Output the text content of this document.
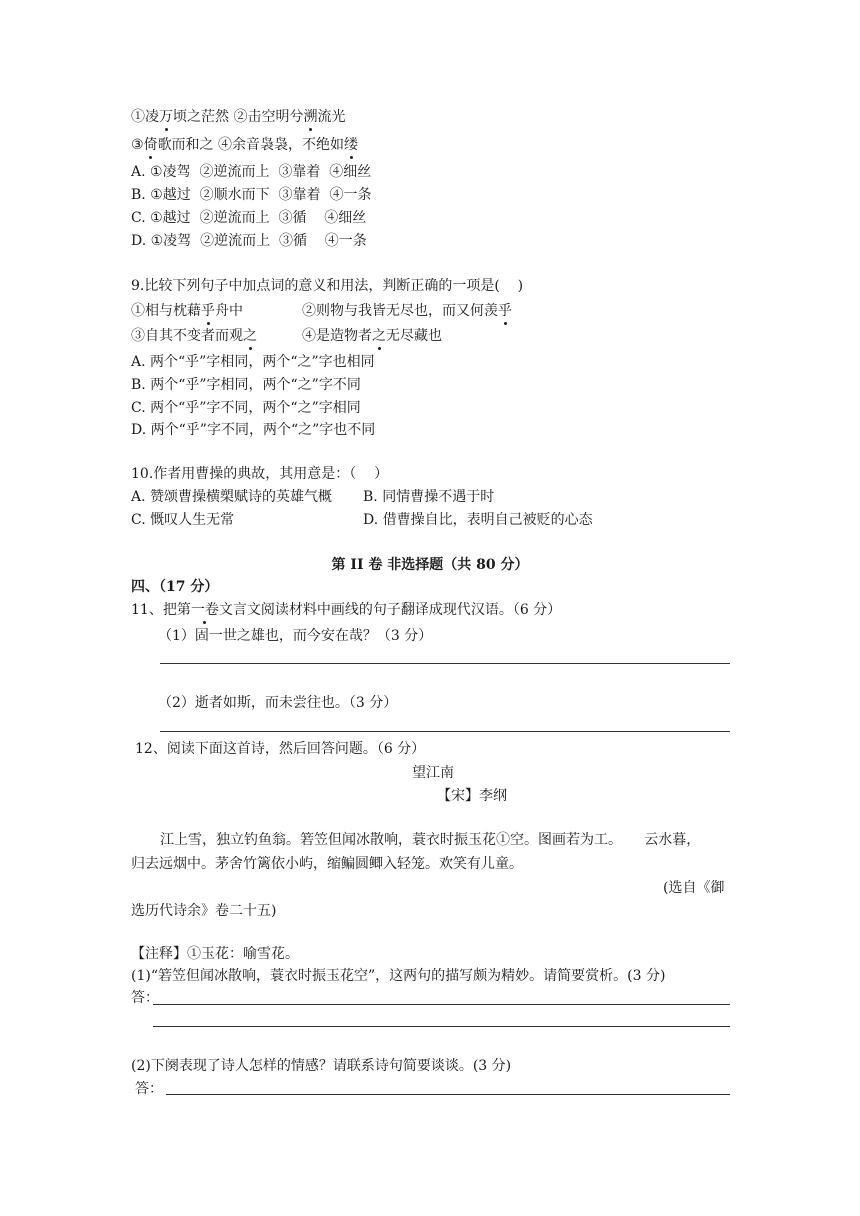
①凌万顷之茫然 ②击空明兮溯流光
③倚歌而和之 ④余音袅袅，不绝如缕
A. ①凌驾  ②逆流而上  ③靠着  ④细丝
B. ①越过  ②顺水而下  ③靠着  ④一条
C. ①越过  ②逆流而上  ③循    ④细丝
D. ①凌驾  ②逆流而上  ③循    ④一条
9.比较下列句子中加点词的意义和用法，判断正确的一项是(    )
①相与枕藉乎舟中	②则物与我皆无尽也，而又何羡乎
③自其不变者而观之	④是造物者之无尽藏也
A. 两个“乎”字相同，两个“之”字也相同
B. 两个“乎”字相同，两个“之”字不同
C. 两个“乎”字不同，两个“之”字相同
D. 两个“乎”字不同，两个“之”字也不同
10.作者用曹操的典故，其用意是：（    ）
A. 赞颂曹操横槊赋诗的英雄气概 B. 同情曹操不遇于时
C. 慨叹人生无常	D. 借曹操自比，表明自己被贬的心态
第 II 卷 非选择题（共 80 分）
四、（17 分）
11、把第一卷文言文阅读材料中画线的句子翻译成现代汉语。（6 分）
（1）固一世之雄也，而今安在哉？（3 分）
（2）逝者如斯，而未尝往也。（3 分）
12、阅读下面这首诗，然后回答问题。（6 分）
望江南
【宋】李纲
江上雪，独立钓鱼翁。箬笠但闻冰散响，蓑衣时振玉花①空。图画若为工。     云水暮，
归去远烟中。茅舍竹篱依小屿，缩鳊圆鲫入轻笼。欢笑有儿童。
(选自《御
选历代诗余》卷二十五)
【注释】①玉花：喻雪花。
(1)“箬笠但闻冰散响，蓑衣时振玉花空”，这两句的描写颇为精妙。请简要赏析。(3 分)
答：
(2)下阕表现了诗人怎样的情感？请联系诗句简要谈谈。(3 分)
答：
